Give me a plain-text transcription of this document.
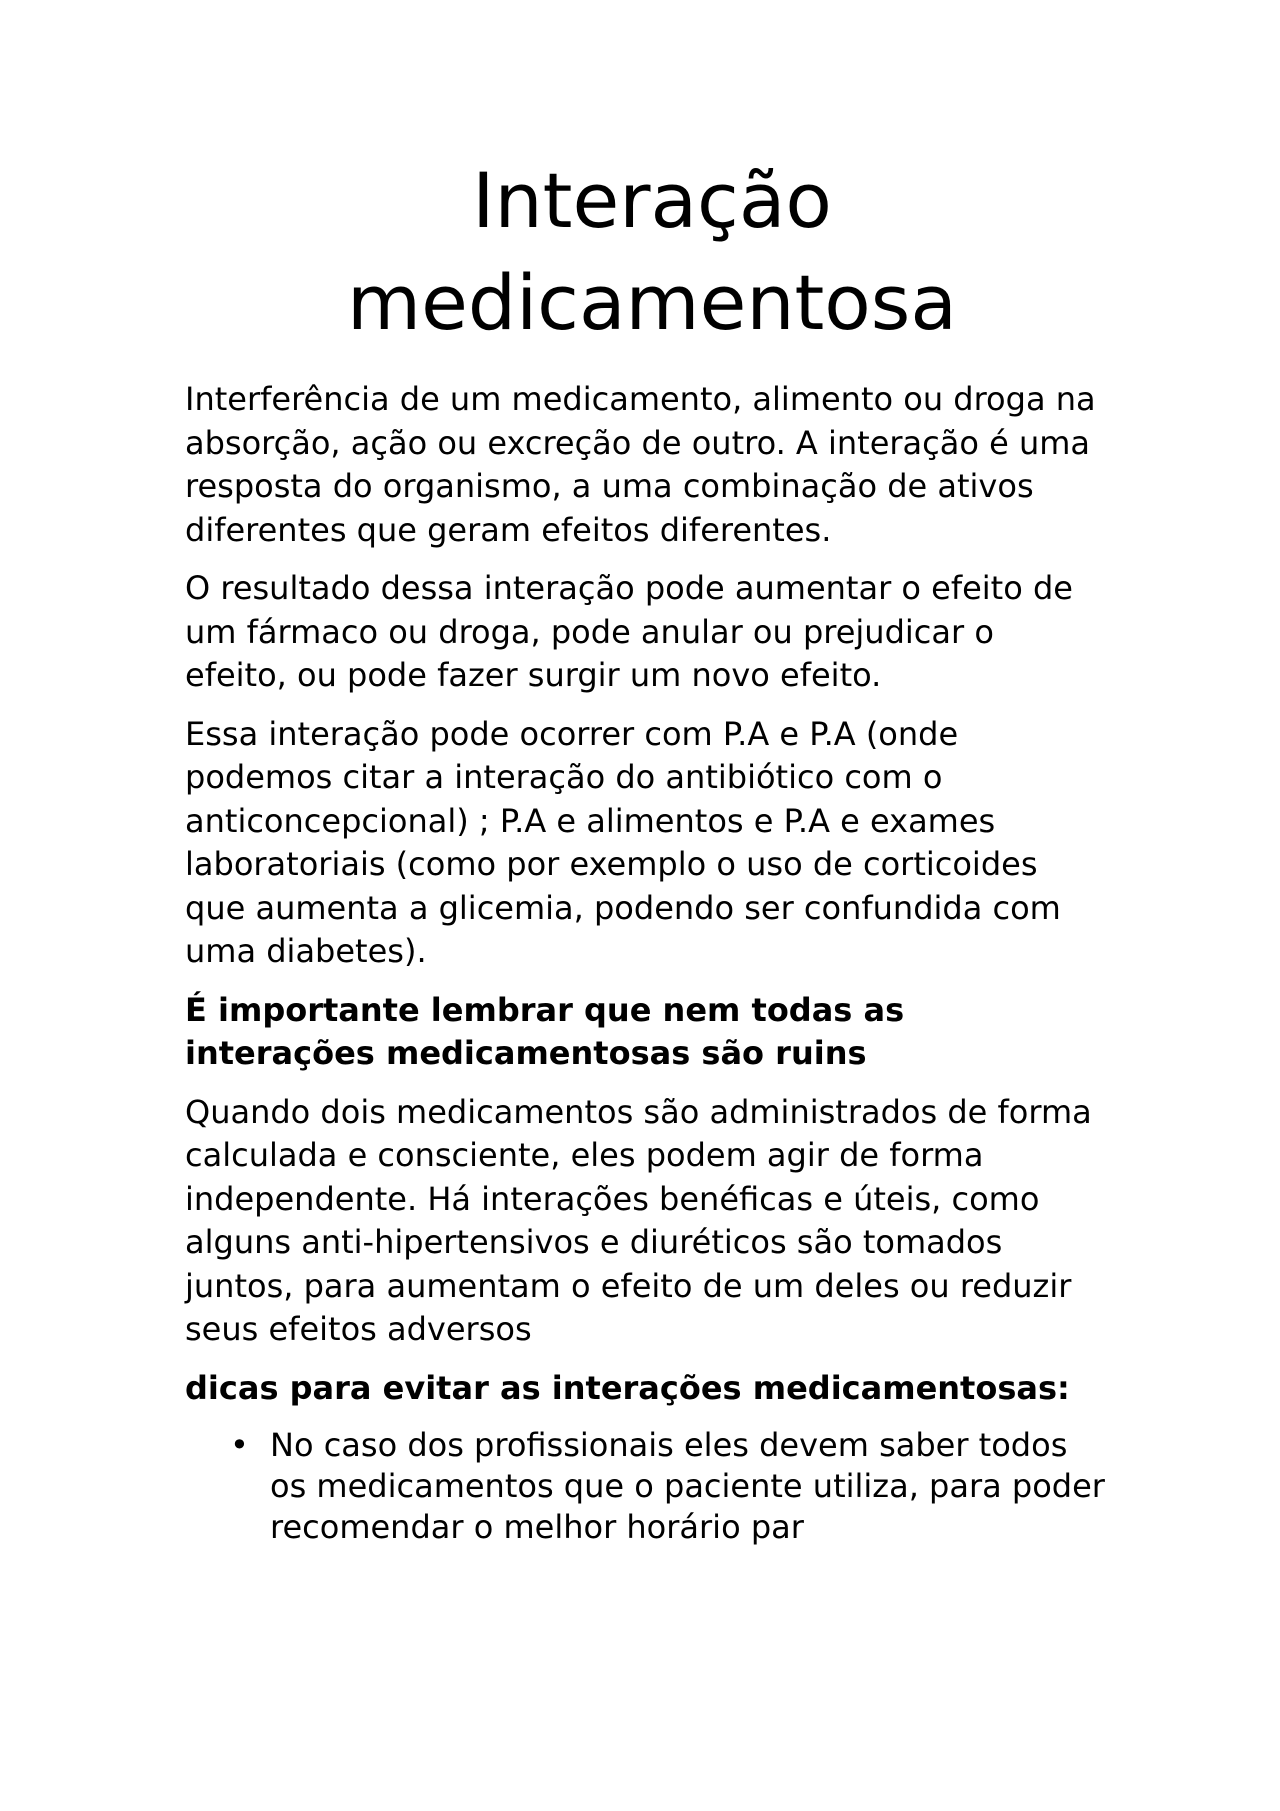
Interação
medicamentosa

Interferência de um medicamento, alimento ou droga na absorção, ação ou excreção de outro. A interação é uma resposta do organismo, a uma combinação de ativos diferentes que geram efeitos diferentes.

O resultado dessa interação pode aumentar o efeito de um fármaco ou droga, pode anular ou prejudicar o efeito, ou pode fazer surgir um novo efeito.

Essa interação pode ocorrer com P.A e P.A (onde podemos citar a interação do antibiótico com o anticoncepcional) ; P.A e alimentos e P.A e exames laboratoriais (como por exemplo o uso de corticoides que aumenta a glicemia, podendo ser confundida com uma diabetes).

É importante lembrar que nem todas as interações medicamentosas são ruins

Quando dois medicamentos são administrados de forma calculada e consciente, eles podem agir de forma independente. Há interações benéficas e úteis, como alguns anti-hipertensivos e diuréticos são tomados juntos, para aumentam o efeito de um deles ou reduzir seus efeitos adversos

dicas para evitar as interações medicamentosas:

• No caso dos profissionais eles devem saber todos os medicamentos que o paciente utiliza, para poder recomendar o melhor horário par
